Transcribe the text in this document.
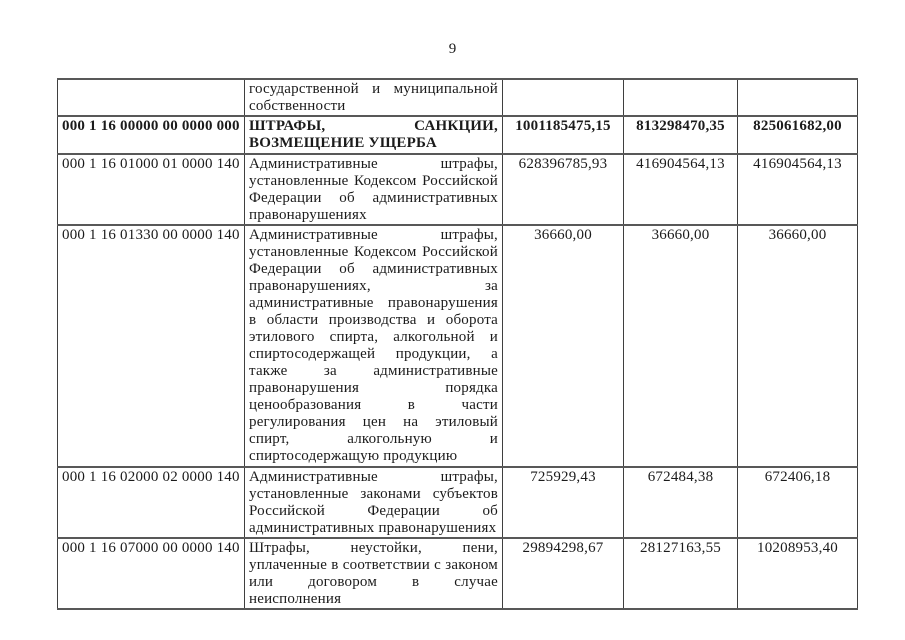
9
	государственной и муниципальной собственности			
000 1 16 00000 00 0000 000	ШТРАФЫ, САНКЦИИ, ВОЗМЕЩЕНИЕ УЩЕРБА	1001185475,15	813298470,35	825061682,00
000 1 16 01000 01 0000 140	Административные штрафы, установленные Кодексом Российской Федерации об административных правонарушениях	628396785,93	416904564,13	416904564,13
000 1 16 01330 00 0000 140	Административные штрафы, установленные Кодексом Российской Федерации об административных правонарушениях, за административные правонарушения в области производства и оборота этилового спирта, алкогольной и спиртосодержащей продукции, а также за административные правонарушения порядка ценообразования в части регулирования цен на этиловый спирт, алкогольную и спиртосодержащую продукцию	36660,00	36660,00	36660,00
000 1 16 02000 02 0000 140	Административные штрафы, установленные законами субъектов Российской Федерации об административных правонарушениях	725929,43	672484,38	672406,18
000 1 16 07000 00 0000 140	Штрафы, неустойки, пени, уплаченные в соответствии с законом или договором в случае неисполнения	29894298,67	28127163,55	10208953,40
